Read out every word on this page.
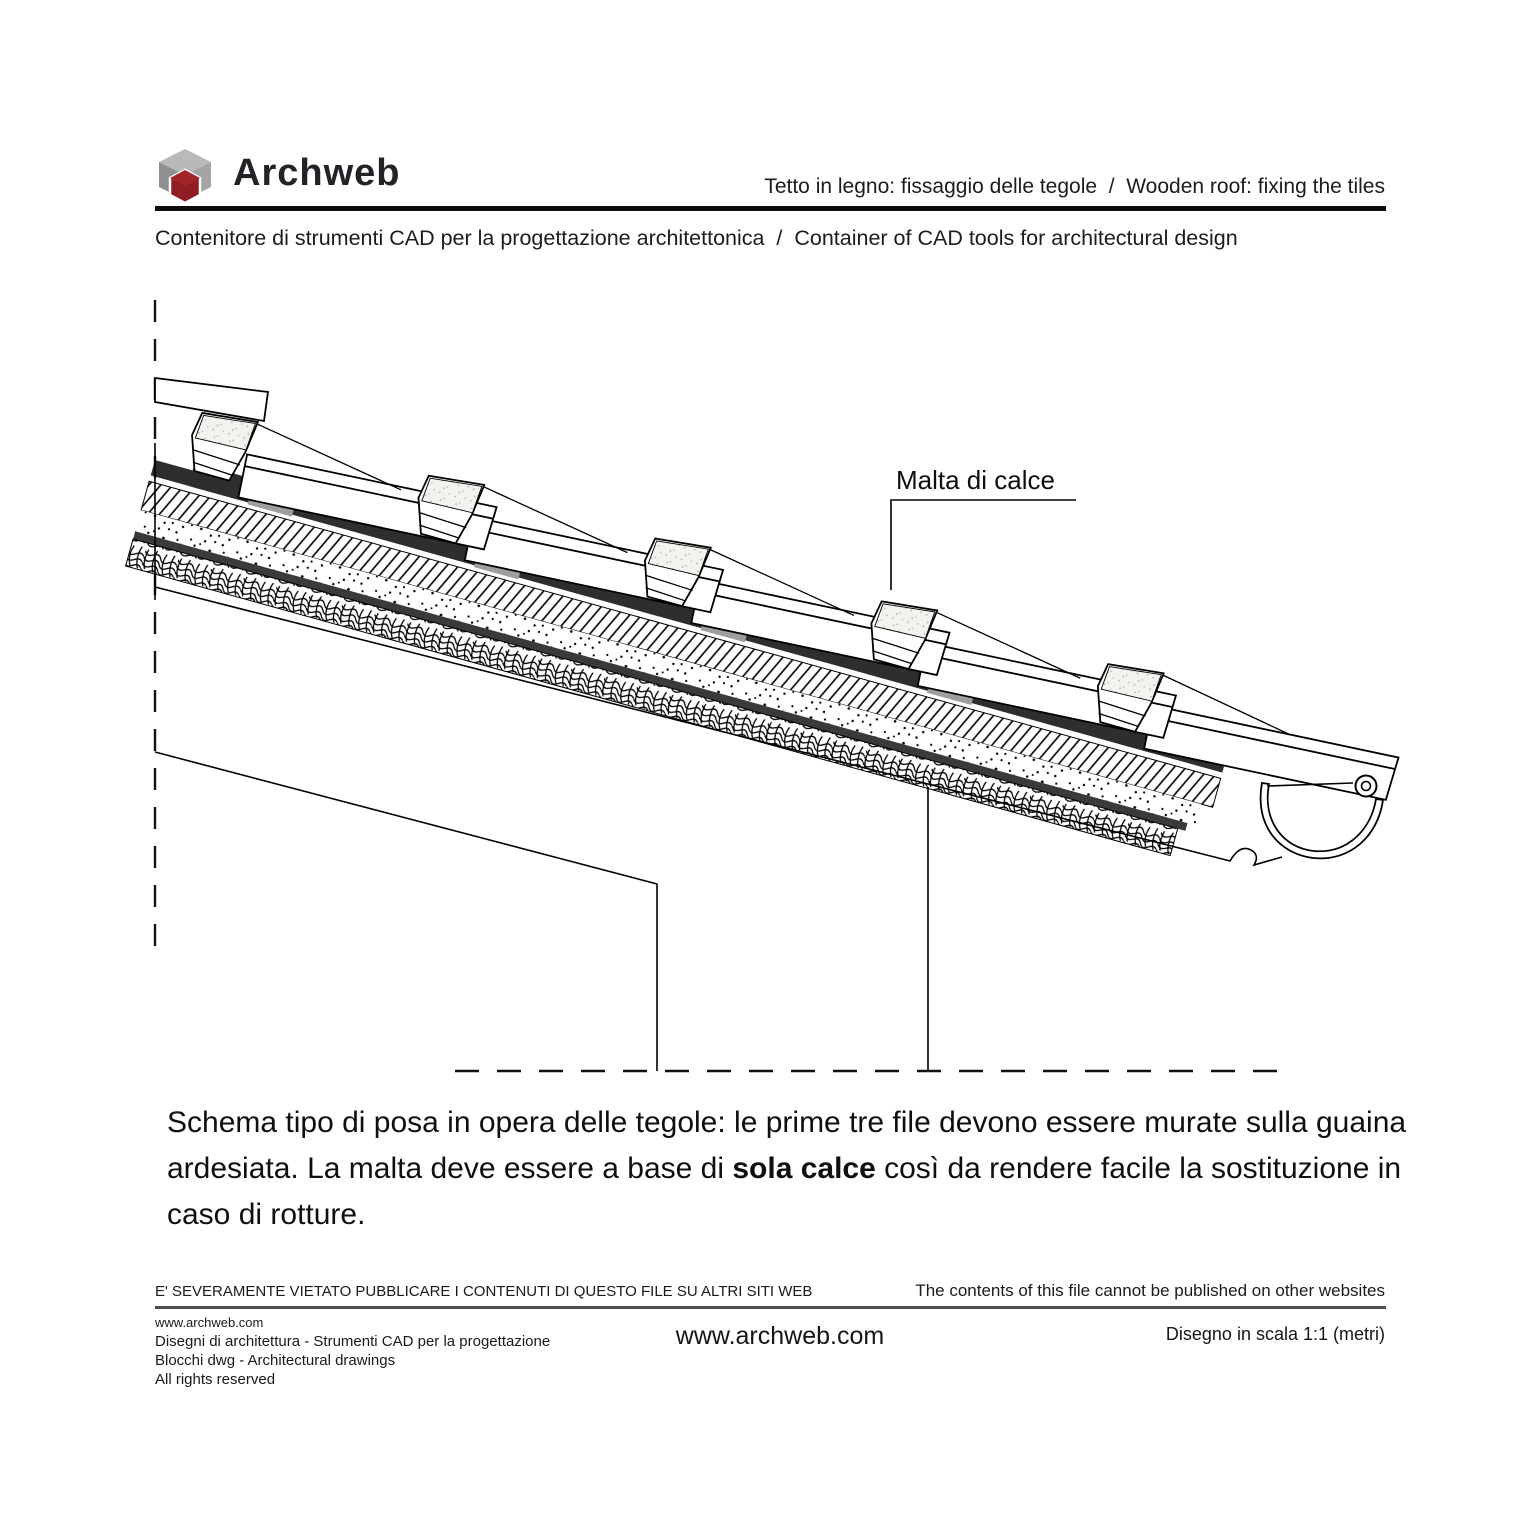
Archweb	Tetto in legno: fissaggio delle tegole  /  Wooden roof: fixing the tiles
Contenitore di strumenti CAD per la progettazione architettonica  /  Container of CAD tools for architectural design
Malta di calce
Schema tipo di posa in opera delle tegole: le prime tre file devono essere murate sulla guaina ardesiata. La malta deve essere a base di sola calce così da rendere facile la sostituzione in caso di rotture.
E' SEVERAMENTE VIETATO PUBBLICARE I CONTENUTI DI QUESTO FILE SU ALTRI SITI WEB	The contents of this file cannot be published on other websites
www.archweb.com
Disegni di architettura - Strumenti CAD per la progettazione
Blocchi dwg - Architectural drawings
All rights reserved
www.archweb.com	Disegno in scala 1:1 (metri)
